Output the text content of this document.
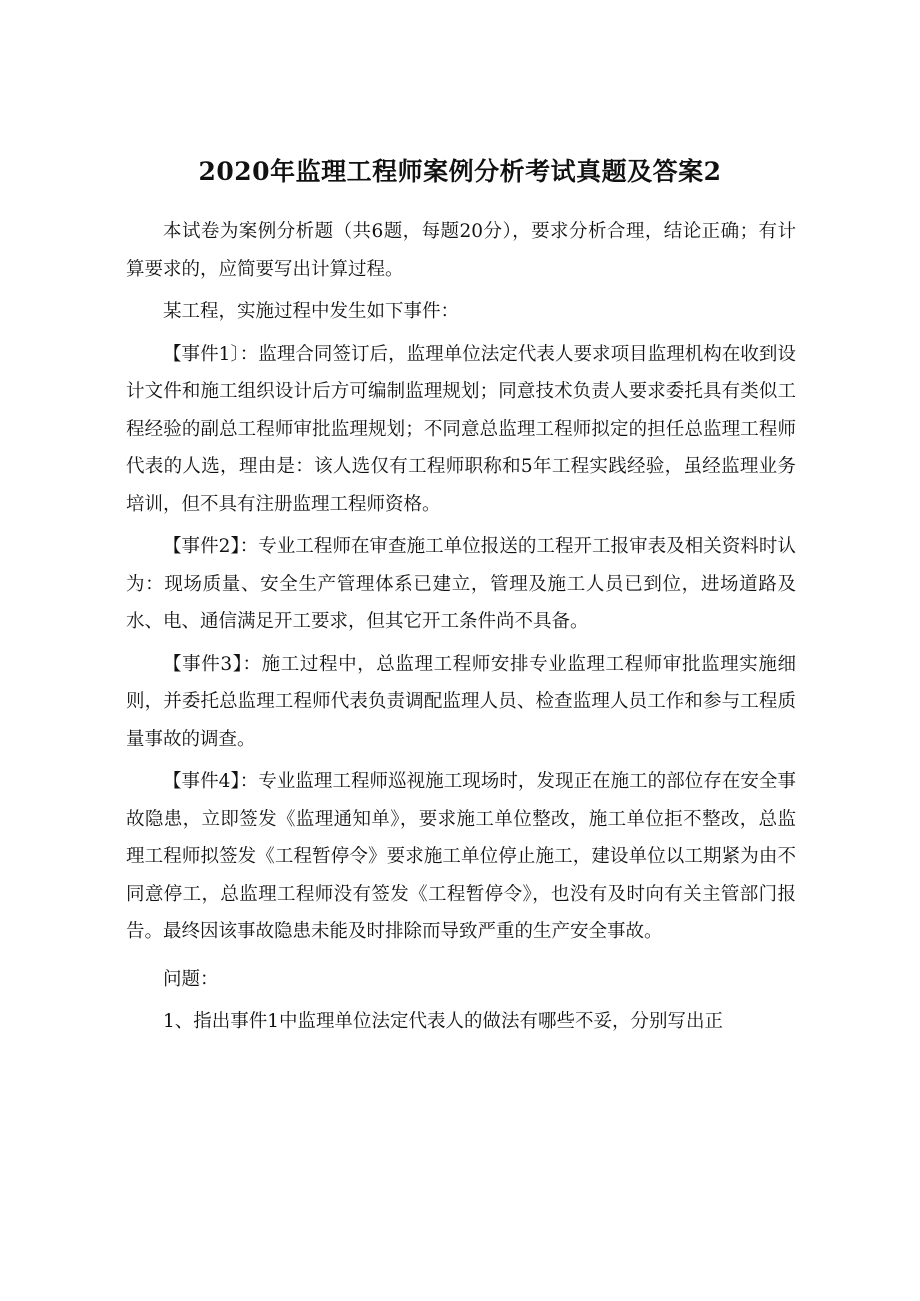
2020年监理工程师案例分析考试真题及答案2

本试卷为案例分析题（共6题，每题20分），要求分析合理，结论正确；有计算要求的，应简要写出计算过程。

某工程，实施过程中发生如下事件：

【事件1〕：监理合同签订后，监理单位法定代表人要求项目监理机构在收到设计文件和施工组织设计后方可编制监理规划；同意技术负责人要求委托具有类似工程经验的副总工程师审批监理规划；不同意总监理工程师拟定的担任总监理工程师代表的人选，理由是：该人选仅有工程师职称和5年工程实践经验，虽经监理业务培训，但不具有注册监理工程师资格。

【事件2】：专业工程师在审查施工单位报送的工程开工报审表及相关资料时认为：现场质量、安全生产管理体系已建立，管理及施工人员已到位，进场道路及水、电、通信满足开工要求，但其它开工条件尚不具备。

【事件3】：施工过程中，总监理工程师安排专业监理工程师审批监理实施细则，并委托总监理工程师代表负责调配监理人员、检查监理人员工作和参与工程质量事故的调查。

【事件4】：专业监理工程师巡视施工现场时，发现正在施工的部位存在安全事故隐患，立即签发《监理通知单》，要求施工单位整改，施工单位拒不整改，总监理工程师拟签发《工程暂停令》要求施工单位停止施工，建设单位以工期紧为由不同意停工，总监理工程师没有签发《工程暂停令》，也没有及时向有关主管部门报告。最终因该事故隐患未能及时排除而导致严重的生产安全事故。

问题：

1、指出事件1中监理单位法定代表人的做法有哪些不妥，分别写出正
